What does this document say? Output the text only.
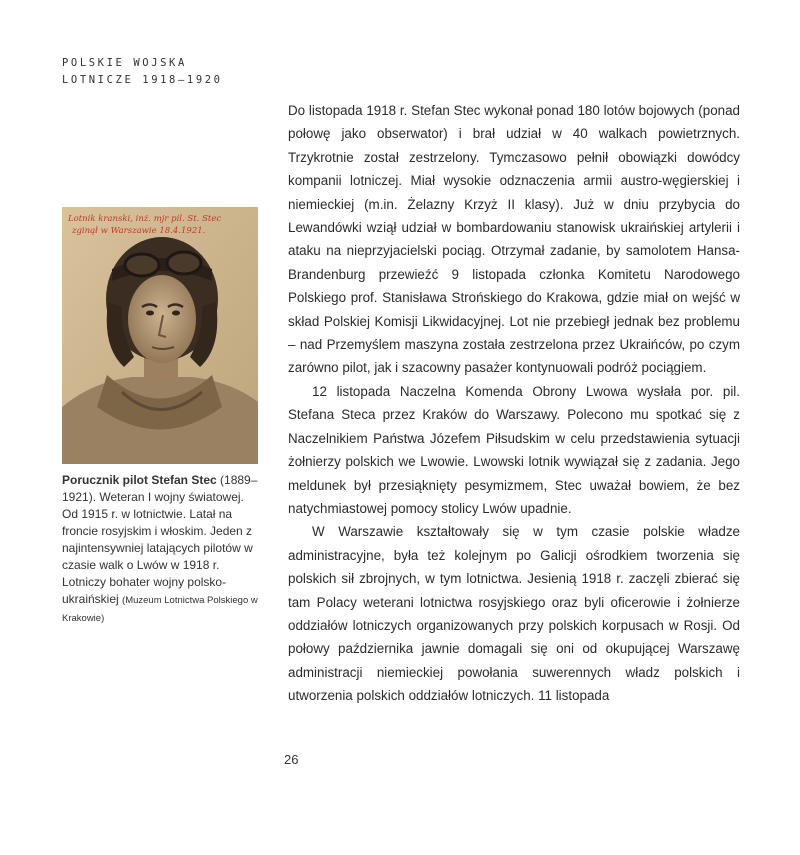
POLSKIE WOJSKA
LOTNICZE 1918–1920
Lotnik kranski, inż. mjr pil. St. Stec
zginął w Warszawie 18.4.1921.
Porucznik pilot Stefan Stec (1889–1921). Weteran I wojny światowej. Od 1915 r. w lotnictwie. Latał na froncie rosyjskim i włoskim. Jeden z najintensywniej latających pilotów w czasie walk o Lwów w 1918 r. Lotniczy bohater wojny polsko-ukraińskiej (Muzeum Lotnictwa Polskiego w Krakowie)

Do listopada 1918 r. Stefan Stec wykonał ponad 180 lotów bojowych (ponad połowę jako obserwator) i brał udział w 40 walkach powietrznych. Trzykrotnie został zestrzelony. Tymczasowo pełnił obowiązki dowódcy kompanii lotniczej. Miał wysokie odznaczenia armii austro-węgierskiej i niemieckiej (m.in. Żelazny Krzyż II klasy). Już w dniu przybycia do Lewandówki wziął udział w bombardowaniu stanowisk ukraińskiej artylerii i ataku na nieprzyjacielski pociąg. Otrzymał zadanie, by samolotem Hansa-Brandenburg przewieźć 9 listopada członka Komitetu Narodowego Polskiego prof. Stanisława Strońskiego do Krakowa, gdzie miał on wejść w skład Polskiej Komisji Likwidacyjnej. Lot nie przebiegł jednak bez problemu – nad Przemyślem maszyna została zestrzelona przez Ukraińców, po czym zarówno pilot, jak i szacowny pasażer kontynuowali podróż pociągiem.

12 listopada Naczelna Komenda Obrony Lwowa wysłała por. pil. Stefana Steca przez Kraków do Warszawy. Polecono mu spotkać się z Naczelnikiem Państwa Józefem Piłsudskim w celu przedstawienia sytuacji żołnierzy polskich we Lwowie. Lwowski lotnik wywiązał się z zadania. Jego meldunek był przesiąknięty pesymizmem, Stec uważał bowiem, że bez natychmiastowej pomocy stolicy Lwów upadnie.

W Warszawie kształtowały się w tym czasie polskie władze administracyjne, była też kolejnym po Galicji ośrodkiem tworzenia się polskich sił zbrojnych, w tym lotnictwa. Jesienią 1918 r. zaczęli zbierać się tam Polacy weterani lotnictwa rosyjskiego oraz byli oficerowie i żołnierze oddziałów lotniczych organizowanych przy polskich korpusach w Rosji. Od połowy października jawnie domagali się oni od okupującej Warszawę administracji niemieckiej powołania suwerennych władz polskich i utworzenia polskich oddziałów lotniczych. 11 listopada

26
